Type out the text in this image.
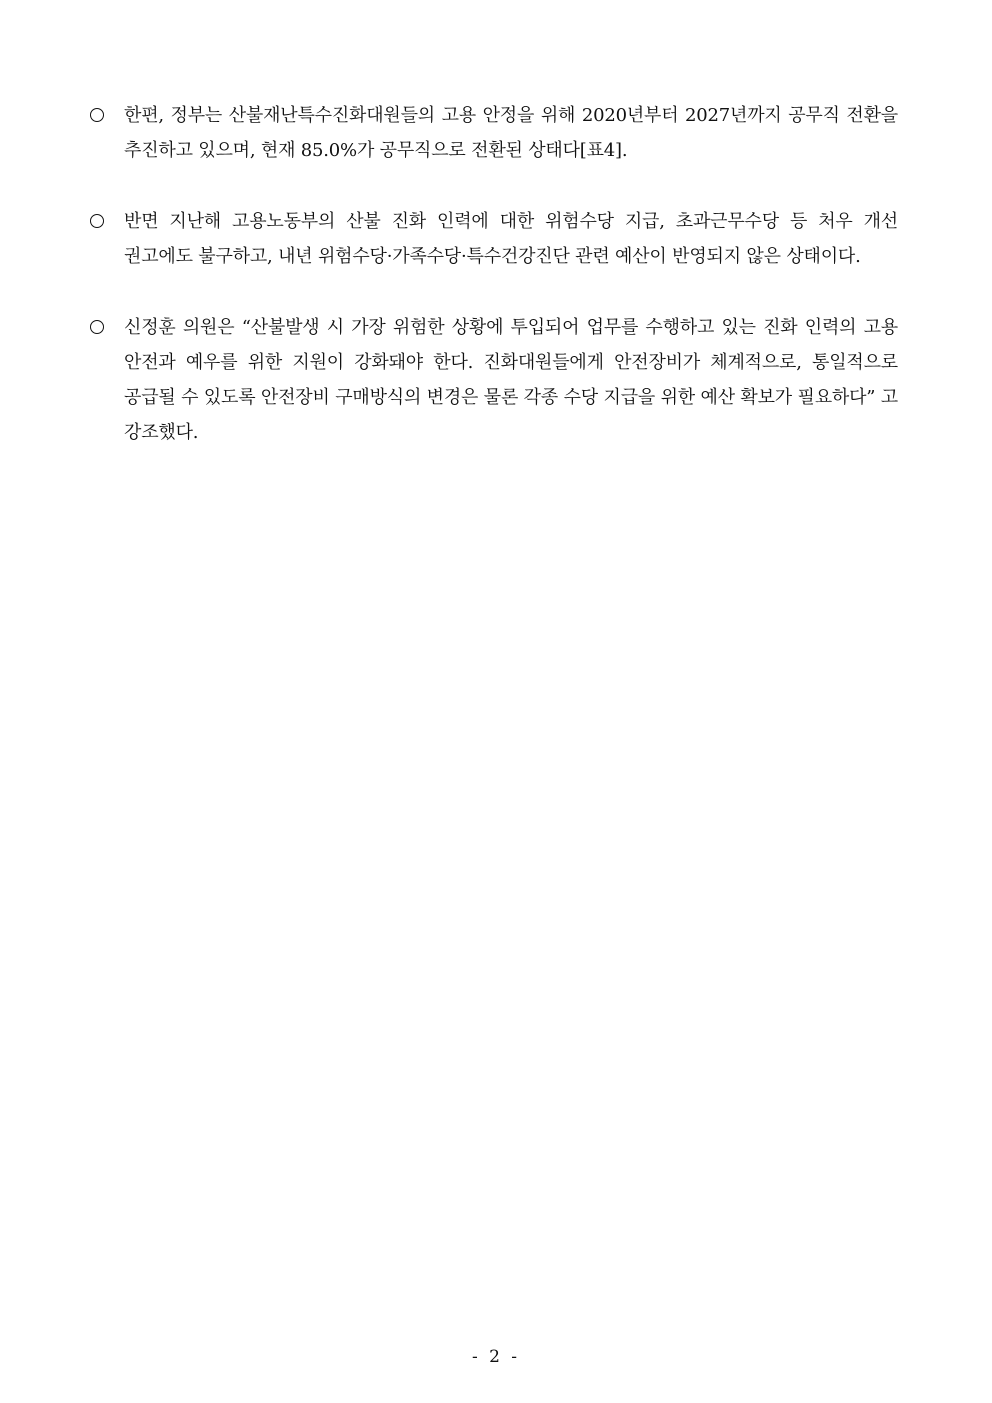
한편, 정부는 산불재난특수진화대원들의 고용 안정을 위해 2020년부터 2027년까지 공무직 전환을 추진하고 있으며, 현재 85.0%가 공무직으로 전환된 상태다[표4].

반면 지난해 고용노동부의 산불 진화 인력에 대한 위험수당 지급, 초과근무수당 등 처우 개선 권고에도 불구하고, 내년 위험수당·가족수당·특수건강진단 관련 예산이 반영되지 않은 상태이다.

신정훈 의원은 “산불발생 시 가장 위험한 상황에 투입되어 업무를 수행하고 있는 진화 인력의 고용 안전과 예우를 위한 지원이 강화돼야 한다. 진화대원들에게 안전장비가 체계적으로, 통일적으로 공급될 수 있도록 안전장비 구매방식의 변경은 물론 각종 수당 지급을 위한 예산 확보가 필요하다” 고 강조했다.

- 2 -
